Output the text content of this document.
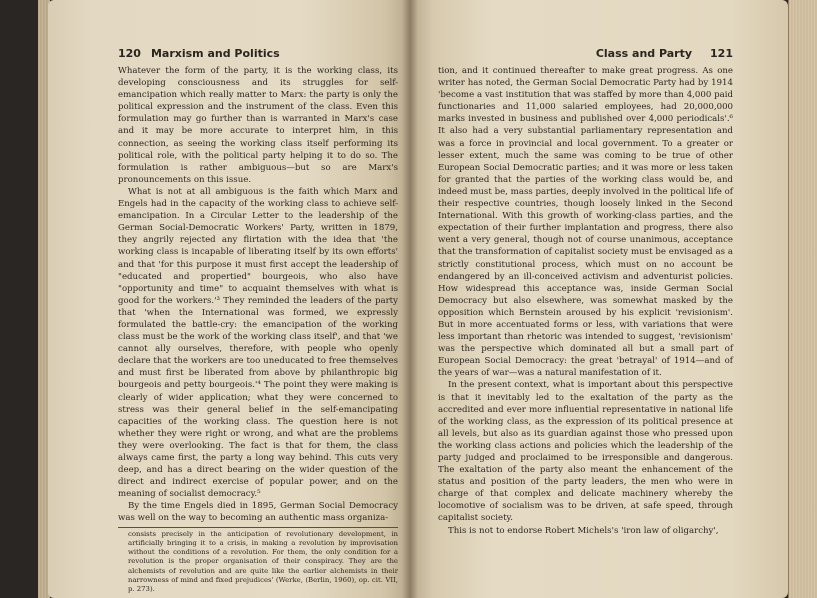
120 Marxism and Politics

Whatever the form of the party, it is the working class, its developing consciousness and its struggles for self-emancipation which really matter to Marx: the party is only the political expression and the instrument of the class. Even this formulation may go further than is warranted in Marx's case and it may be more accurate to interpret him, in this connection, as seeing the working class itself performing its political role, with the political party helping it to do so. The formulation is rather ambiguous—but so are Marx's pronouncements on this issue.

What is not at all ambiguous is the faith which Marx and Engels had in the capacity of the working class to achieve self-emancipation. In a Circular Letter to the leadership of the German Social-Democratic Workers' Party, written in 1879, they angrily rejected any flirtation with the idea that 'the working class is incapable of liberating itself by its own efforts' and that 'for this purpose it must first accept the leadership of "educated and propertied" bourgeois, who also have "opportunity and time" to acquaint themselves with what is good for the workers.'³ They reminded the leaders of the party that 'when the International was formed, we expressly formulated the battle-cry: the emancipation of the working class must be the work of the working class itself', and that 'we cannot ally ourselves, therefore, with people who openly declare that the workers are too uneducated to free themselves and must first be liberated from above by philanthropic big bourgeois and petty bourgeois.'⁴ The point they were making is clearly of wider application; what they were concerned to stress was their general belief in the self-emancipating capacities of the working class. The question here is not whether they were right or wrong, and what are the problems they were overlooking. The fact is that for them, the class always came first, the party a long way behind. This cuts very deep, and has a direct bearing on the wider question of the direct and indirect exercise of popular power, and on the meaning of socialist democracy.⁵

By the time Engels died in 1895, German Social Democracy was well on the way to becoming an authentic mass organiza-

consists precisely in the anticipation of revolutionary development, in artificially bringing it to a crisis, in making a revolution by improvisation without the conditions of a revolution. For them, the only condition for a revolution is the proper organisation of their conspiracy. They are the alchemists of revolution and are quite like the earlier alchemists in their narrowness of mind and fixed prejudices' (Werke, (Berlin, 1960), op. cit. VII, p. 273).
Class and Party 121

tion, and it continued thereafter to make great progress. As one writer has noted, the German Social Democratic Party had by 1914 'become a vast institution that was staffed by more than 4,000 paid functionaries and 11,000 salaried employees, had 20,000,000 marks invested in business and published over 4,000 periodicals'.⁶ It also had a very substantial parliamentary representation and was a force in provincial and local government. To a greater or lesser extent, much the same was coming to be true of other European Social Democratic parties; and it was more or less taken for granted that the parties of the working class would be, and indeed must be, mass parties, deeply involved in the political life of their respective countries, though loosely linked in the Second International. With this growth of working-class parties, and the expectation of their further implantation and progress, there also went a very general, though not of course unanimous, acceptance that the transformation of capitalist society must be envisaged as a strictly constitutional process, which must on no account be endangered by an ill-conceived activism and adventurist policies. How widespread this acceptance was, inside German Social Democracy but also elsewhere, was somewhat masked by the opposition which Bernstein aroused by his explicit 'revisionism'. But in more accentuated forms or less, with variations that were less important than rhetoric was intended to suggest, 'revisionism' was the perspective which dominated all but a small part of European Social Democracy: the great 'betrayal' of 1914—and of the years of war—was a natural manifestation of it.

In the present context, what is important about this perspective is that it inevitably led to the exaltation of the party as the accredited and ever more influential representative in national life of the working class, as the expression of its political presence at all levels, but also as its guardian against those who pressed upon the working class actions and policies which the leadership of the party judged and proclaimed to be irresponsible and dangerous. The exaltation of the party also meant the enhancement of the status and position of the party leaders, the men who were in charge of that complex and delicate machinery whereby the locomotive of socialism was to be driven, at safe speed, through capitalist society.

This is not to endorse Robert Michels's 'iron law of oligarchy',
